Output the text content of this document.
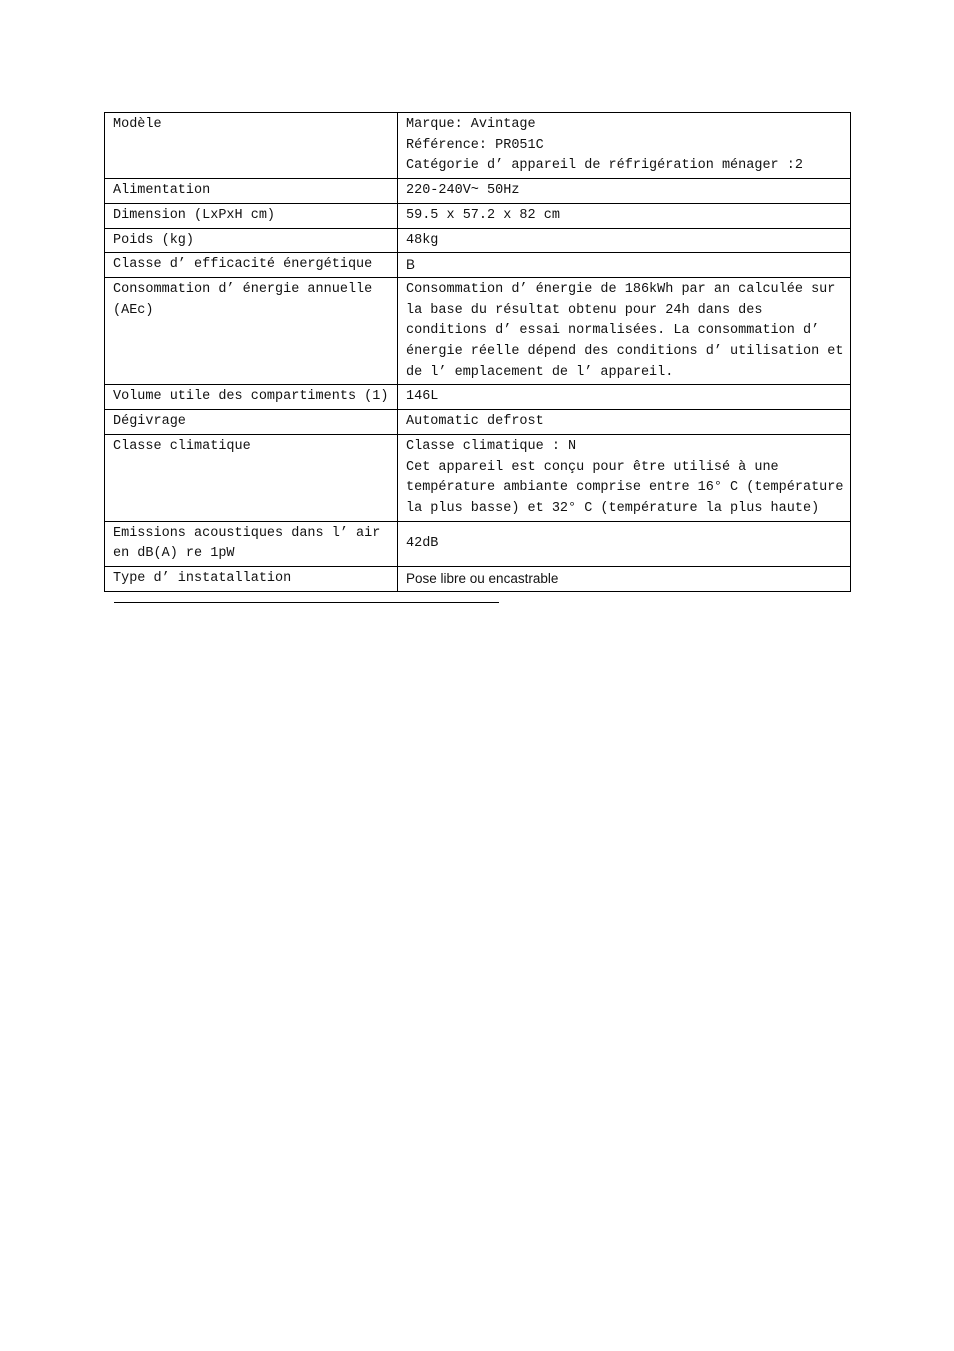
Modèle	Marque: Avintage
Référence: PR051C
Catégorie d’ appareil de réfrigération ménager :2
Alimentation	220-240V~ 50Hz
Dimension (LxPxH cm)	59.5 x 57.2 x 82 cm
Poids (kg)	48kg
Classe d’ efficacité énergétique	B
Consommation d’ énergie annuelle (AEc)	Consommation d’ énergie de 186kWh par an calculée sur la base du résultat obtenu pour 24h dans des conditions d’ essai normalisées. La consommation d’ énergie réelle dépend des conditions d’ utilisation et de l’ emplacement de l’ appareil.
Volume utile des compartiments (1)	146L
Dégivrage	Automatic defrost
Classe climatique	Classe climatique : N
Cet appareil est conçu pour être utilisé à une température ambiante comprise entre 16° C (température la plus basse) et 32° C (température la plus haute)
Emissions acoustiques dans l’ air en dB(A) re 1pW	42dB
Type d’ instatallation	Pose libre ou encastrable
